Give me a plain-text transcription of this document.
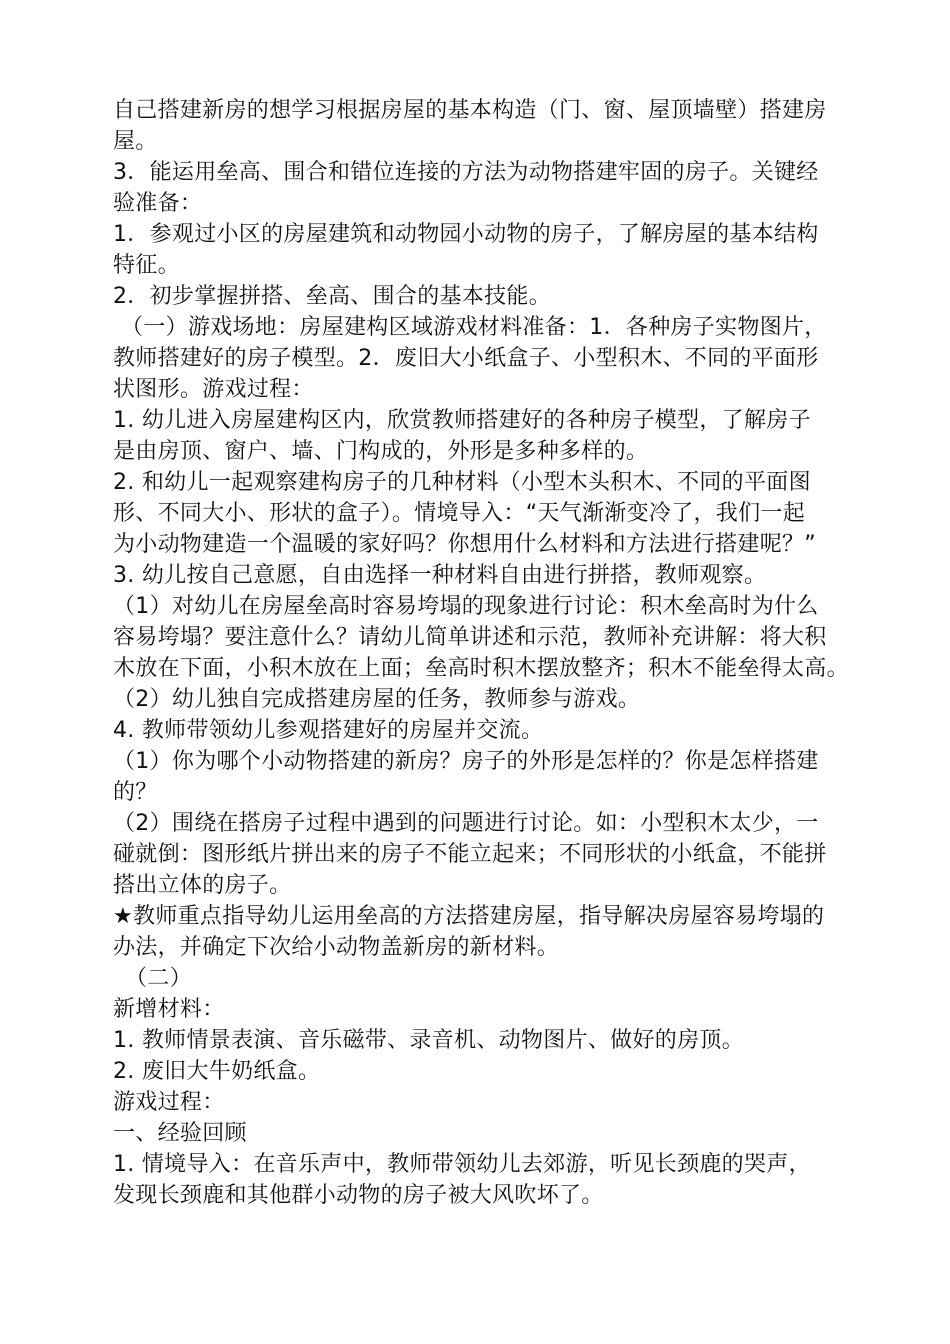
自己搭建新房的想学习根据房屋的基本构造（门、窗、屋顶墙壁）搭建房
屋。
3．能运用垒高、围合和错位连接的方法为动物搭建牢固的房子。关键经
验准备：
1．参观过小区的房屋建筑和动物园小动物的房子，了解房屋的基本结构
特征。
2．初步掌握拼搭、垒高、围合的基本技能。
（一）游戏场地：房屋建构区域游戏材料准备：1．各种房子实物图片，
教师搭建好的房子模型。2．废旧大小纸盒子、小型积木、不同的平面形
状图形。游戏过程：
1. 幼儿进入房屋建构区内，欣赏教师搭建好的各种房子模型，了解房子
是由房顶、窗户、墙、门构成的，外形是多种多样的。
2. 和幼儿一起观察建构房子的几种材料（小型木头积木、不同的平面图
形、不同大小、形状的盒子）。情境导入：“天气渐渐变冷了，我们一起
为小动物建造一个温暖的家好吗？你想用什么材料和方法进行搭建呢？”
3. 幼儿按自己意愿，自由选择一种材料自由进行拼搭，教师观察。
（1）对幼儿在房屋垒高时容易垮塌的现象进行讨论：积木垒高时为什么
容易垮塌？要注意什么？请幼儿简单讲述和示范，教师补充讲解：将大积
木放在下面，小积木放在上面；垒高时积木摆放整齐；积木不能垒得太高。
（2）幼儿独自完成搭建房屋的任务，教师参与游戏。
4. 教师带领幼儿参观搭建好的房屋并交流。
（1）你为哪个小动物搭建的新房？房子的外形是怎样的？你是怎样搭建
的？
（2）围绕在搭房子过程中遇到的问题进行讨论。如：小型积木太少，一
碰就倒：图形纸片拼出来的房子不能立起来；不同形状的小纸盒，不能拼
搭出立体的房子。
★教师重点指导幼儿运用垒高的方法搭建房屋，指导解决房屋容易垮塌的
办法，并确定下次给小动物盖新房的新材料。
（二）
新增材料：
1. 教师情景表演、音乐磁带、录音机、动物图片、做好的房顶。
2. 废旧大牛奶纸盒。
游戏过程：
一、经验回顾
1. 情境导入：在音乐声中，教师带领幼儿去郊游，听见长颈鹿的哭声，
发现长颈鹿和其他群小动物的房子被大风吹坏了。
